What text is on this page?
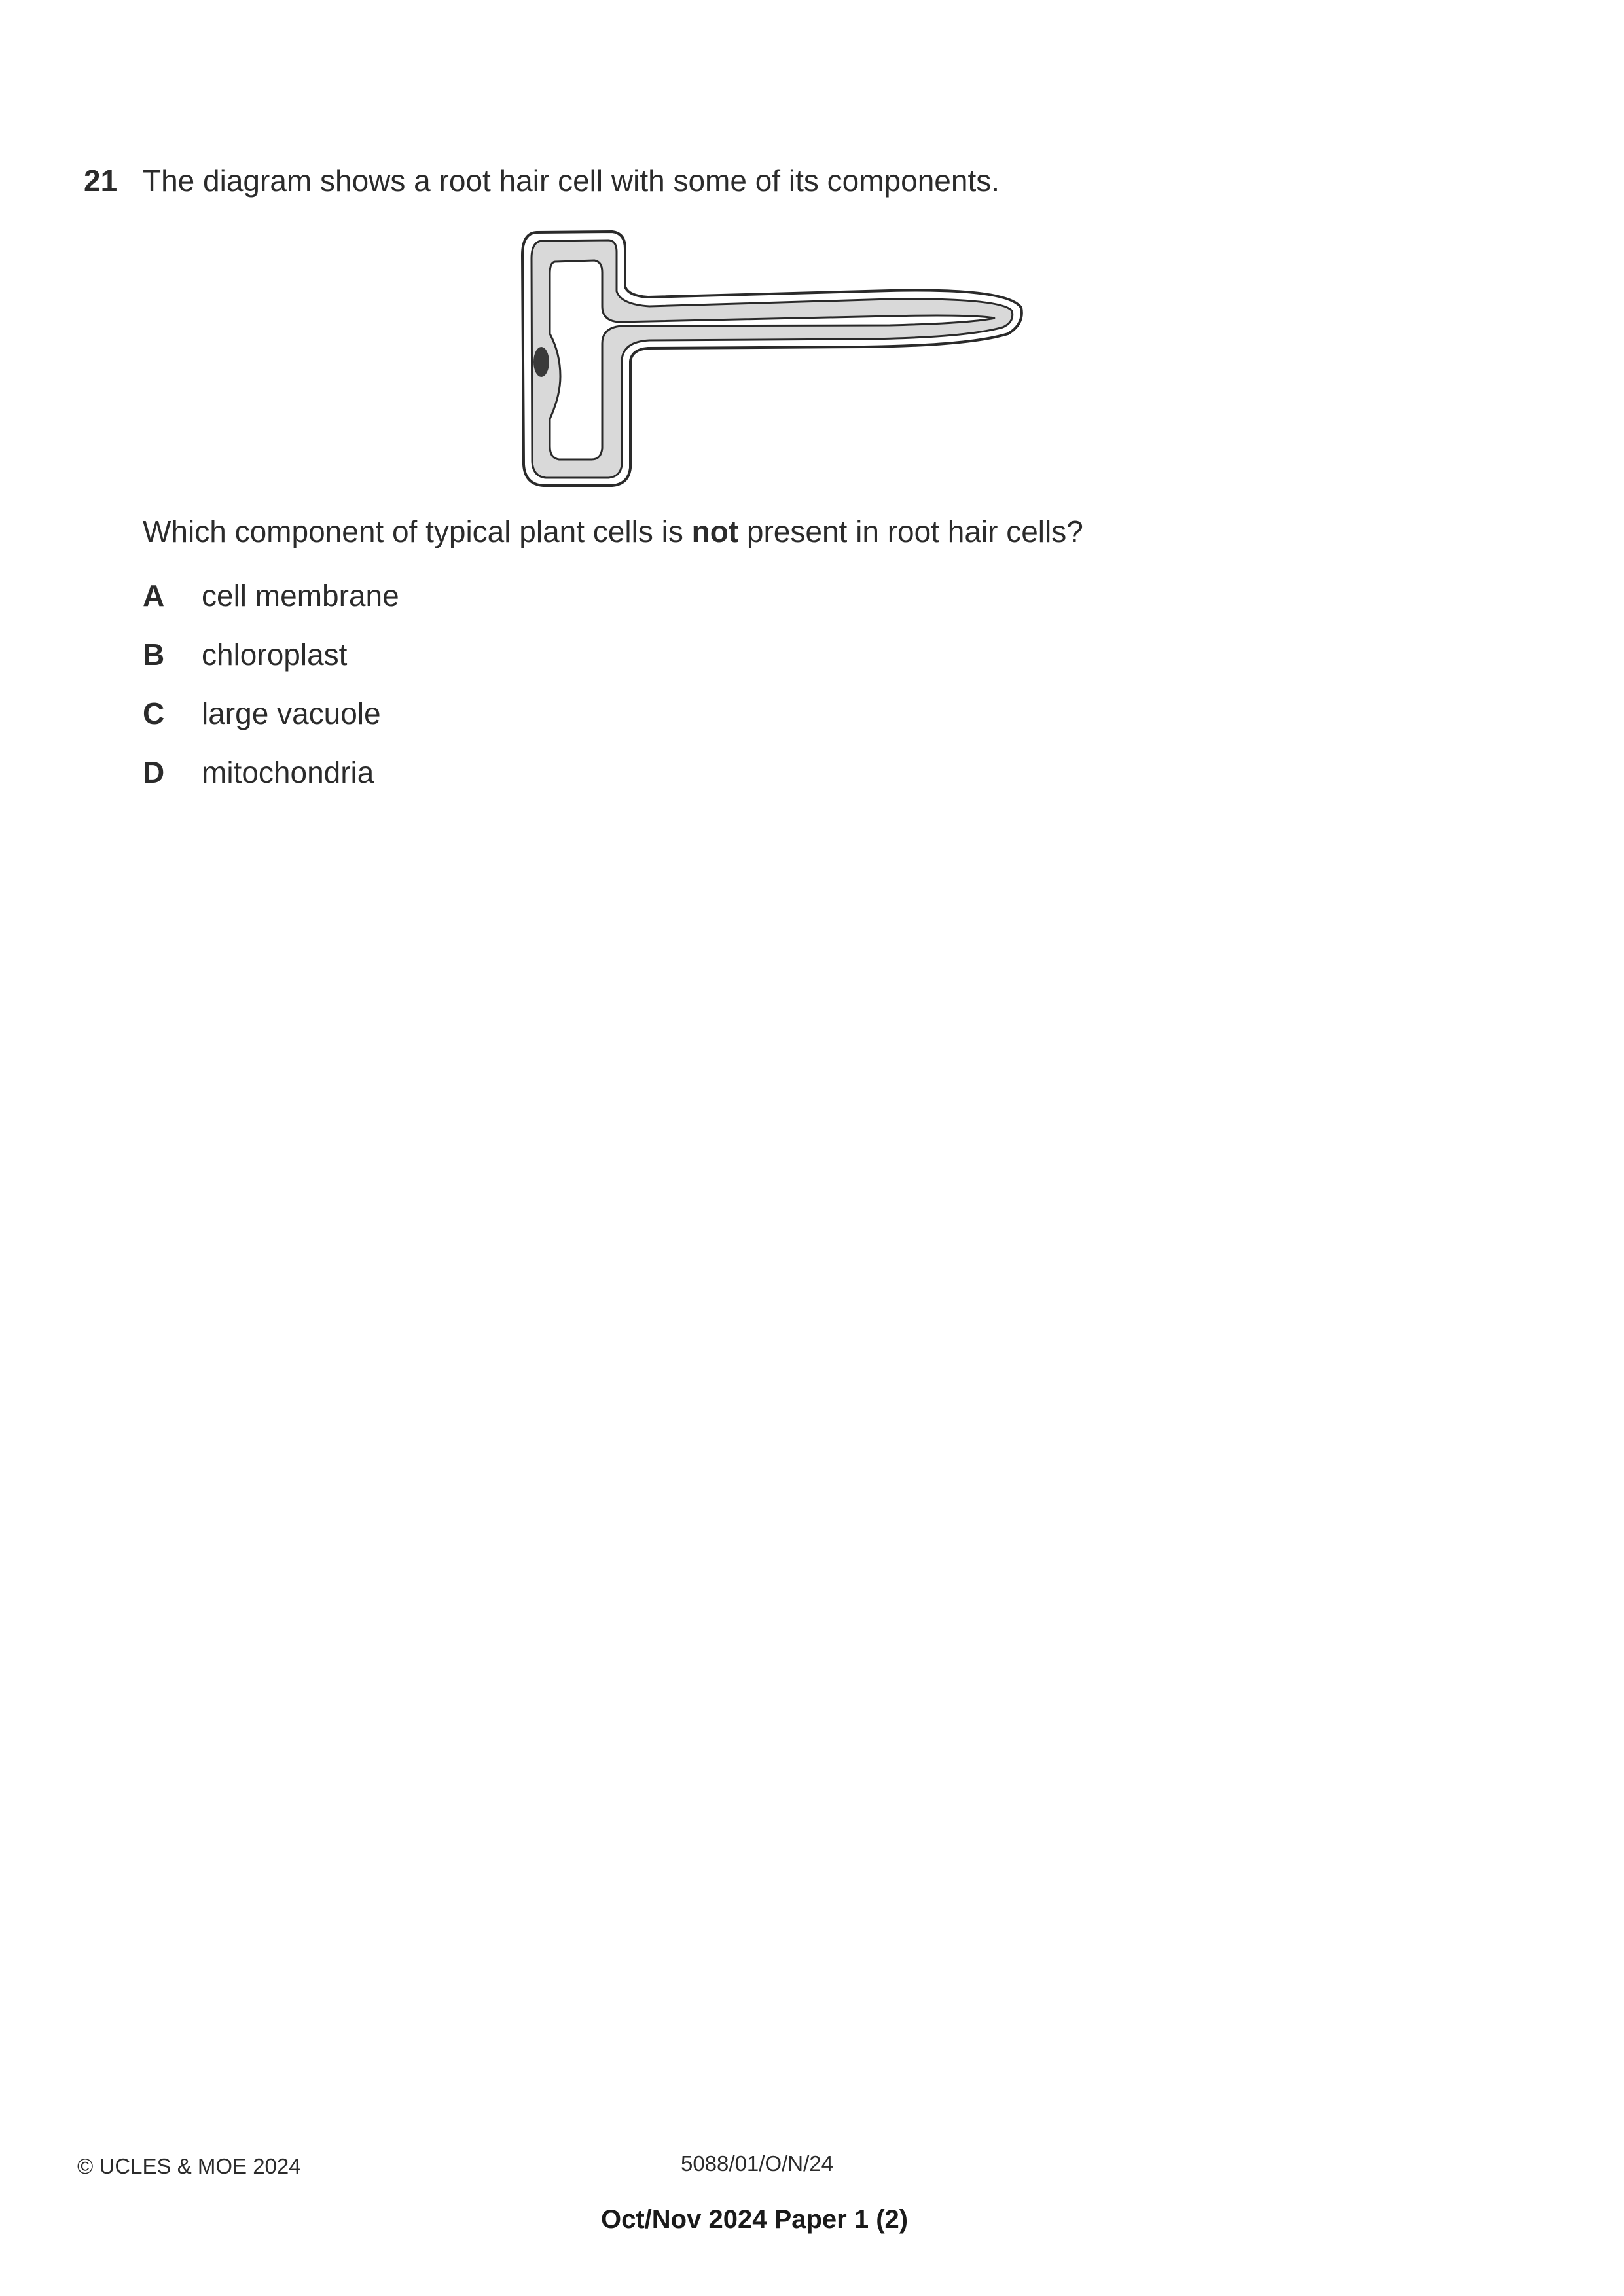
21 The diagram shows a root hair cell with some of its components.
Which component of typical plant cells is not present in root hair cells?
A	cell membrane
B	chloroplast
C	large vacuole
D	mitochondria
© UCLES & MOE 2024	5088/01/O/N/24
Oct/Nov 2024 Paper 1 (2)
